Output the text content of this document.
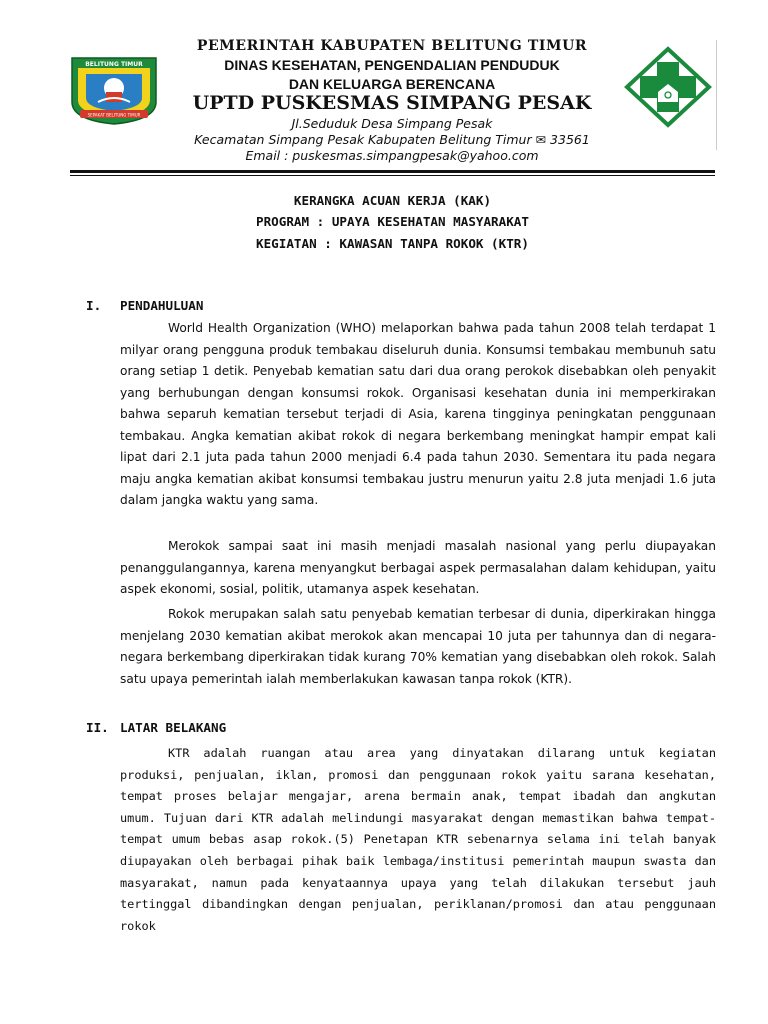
BELITUNG TIMUR
SEPAKAT BELITUNG TIMUR
PEMERINTAH KABUPATEN BELITUNG TIMUR
DINAS KESEHATAN, PENGENDALIAN PENDUDUK
DAN KELUARGA BERENCANA
UPTD PUSKESMAS SIMPANG PESAK
Jl.Seduduk Desa Simpang Pesak
Kecamatan Simpang Pesak Kabupaten Belitung Timur ✉ 33561
Email : puskesmas.simpangpesak@yahoo.com
KERANGKA ACUAN KERJA (KAK)
PROGRAM : UPAYA KESEHATAN MASYARAKAT
KEGIATAN : KAWASAN TANPA ROKOK (KTR)
I. PENDAHULUAN

World Health Organization (WHO) melaporkan bahwa pada tahun 2008 telah terdapat 1 milyar orang pengguna produk tembakau diseluruh dunia. Konsumsi tembakau membunuh satu orang setiap 1 detik. Penyebab kematian satu dari dua orang perokok disebabkan oleh penyakit yang berhubungan dengan konsumsi rokok. Organisasi kesehatan dunia ini memperkirakan bahwa separuh kematian tersebut terjadi di Asia, karena tingginya peningkatan penggunaan tembakau. Angka kematian akibat rokok di negara berkembang meningkat hampir empat kali lipat dari 2.1 juta pada tahun 2000 menjadi 6.4 pada tahun 2030. Sementara itu pada negara maju angka kematian akibat konsumsi tembakau justru menurun yaitu 2.8 juta menjadi 1.6 juta dalam jangka waktu yang sama.

Merokok sampai saat ini masih menjadi masalah nasional yang perlu diupayakan penanggulangannya, karena menyangkut berbagai aspek permasalahan dalam kehidupan, yaitu aspek ekonomi, sosial, politik, utamanya aspek kesehatan.

Rokok merupakan salah satu penyebab kematian terbesar di dunia, diperkirakan hingga menjelang 2030 kematian akibat merokok akan mencapai 10 juta per tahunnya dan di negara-negara berkembang diperkirakan tidak kurang 70% kematian yang disebabkan oleh rokok. Salah satu upaya pemerintah ialah memberlakukan kawasan tanpa rokok (KTR).

II. LATAR BELAKANG

KTR adalah ruangan atau area yang dinyatakan dilarang untuk kegiatan produksi, penjualan, iklan, promosi dan penggunaan rokok yaitu sarana kesehatan, tempat proses belajar mengajar, arena bermain anak, tempat ibadah dan angkutan umum. Tujuan dari KTR adalah melindungi masyarakat dengan memastikan bahwa tempat-tempat umum bebas asap rokok.(5) Penetapan KTR sebenarnya selama ini telah banyak diupayakan oleh berbagai pihak baik lembaga/institusi pemerintah maupun swasta dan masyarakat, namun pada kenyataannya upaya yang telah dilakukan tersebut jauh tertinggal dibandingkan dengan penjualan, periklanan/promosi dan atau penggunaan rokok
